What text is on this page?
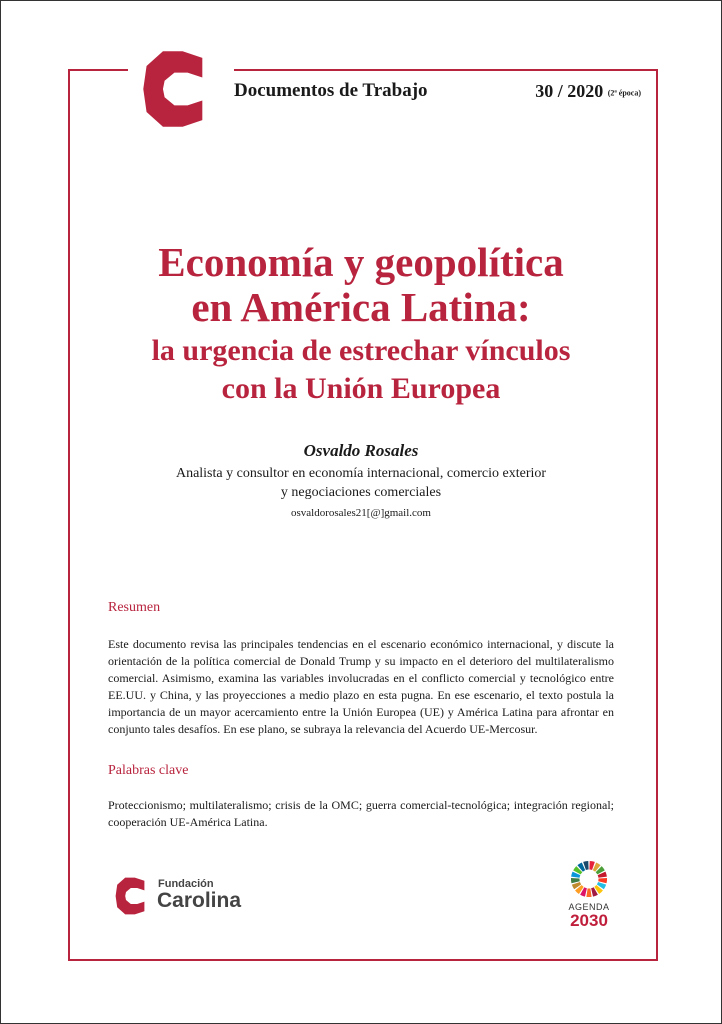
Documentos de Trabajo	30 / 2020 (2ª época)
Economía y geopolítica
en América Latina:
la urgencia de estrechar vínculos
con la Unión Europea
Osvaldo Rosales
Analista y consultor en economía internacional, comercio exterior
y negociaciones comerciales
osvaldorosales21[@]gmail.com
Resumen
Este documento revisa las principales tendencias en el escenario económico internacional, y discute la orientación de la política comercial de Donald Trump y su impacto en el deterioro del multilateralismo comercial. Asimismo, examina las variables involucradas en el conflicto comercial y tecnológico entre EE.UU. y China, y las proyecciones a medio plazo en esta pugna. En ese escenario, el texto postula la importancia de un mayor acercamiento entre la Unión Europea (UE) y América Latina para afrontar en conjunto tales desafíos. En ese plano, se subraya la relevancia del Acuerdo UE-Mercosur.
Palabras clave
Proteccionismo; multilateralismo; crisis de la OMC; guerra comercial-tecnológica; integración regional; cooperación UE-América Latina.
Fundación
Carolina	AGENDA
2030
